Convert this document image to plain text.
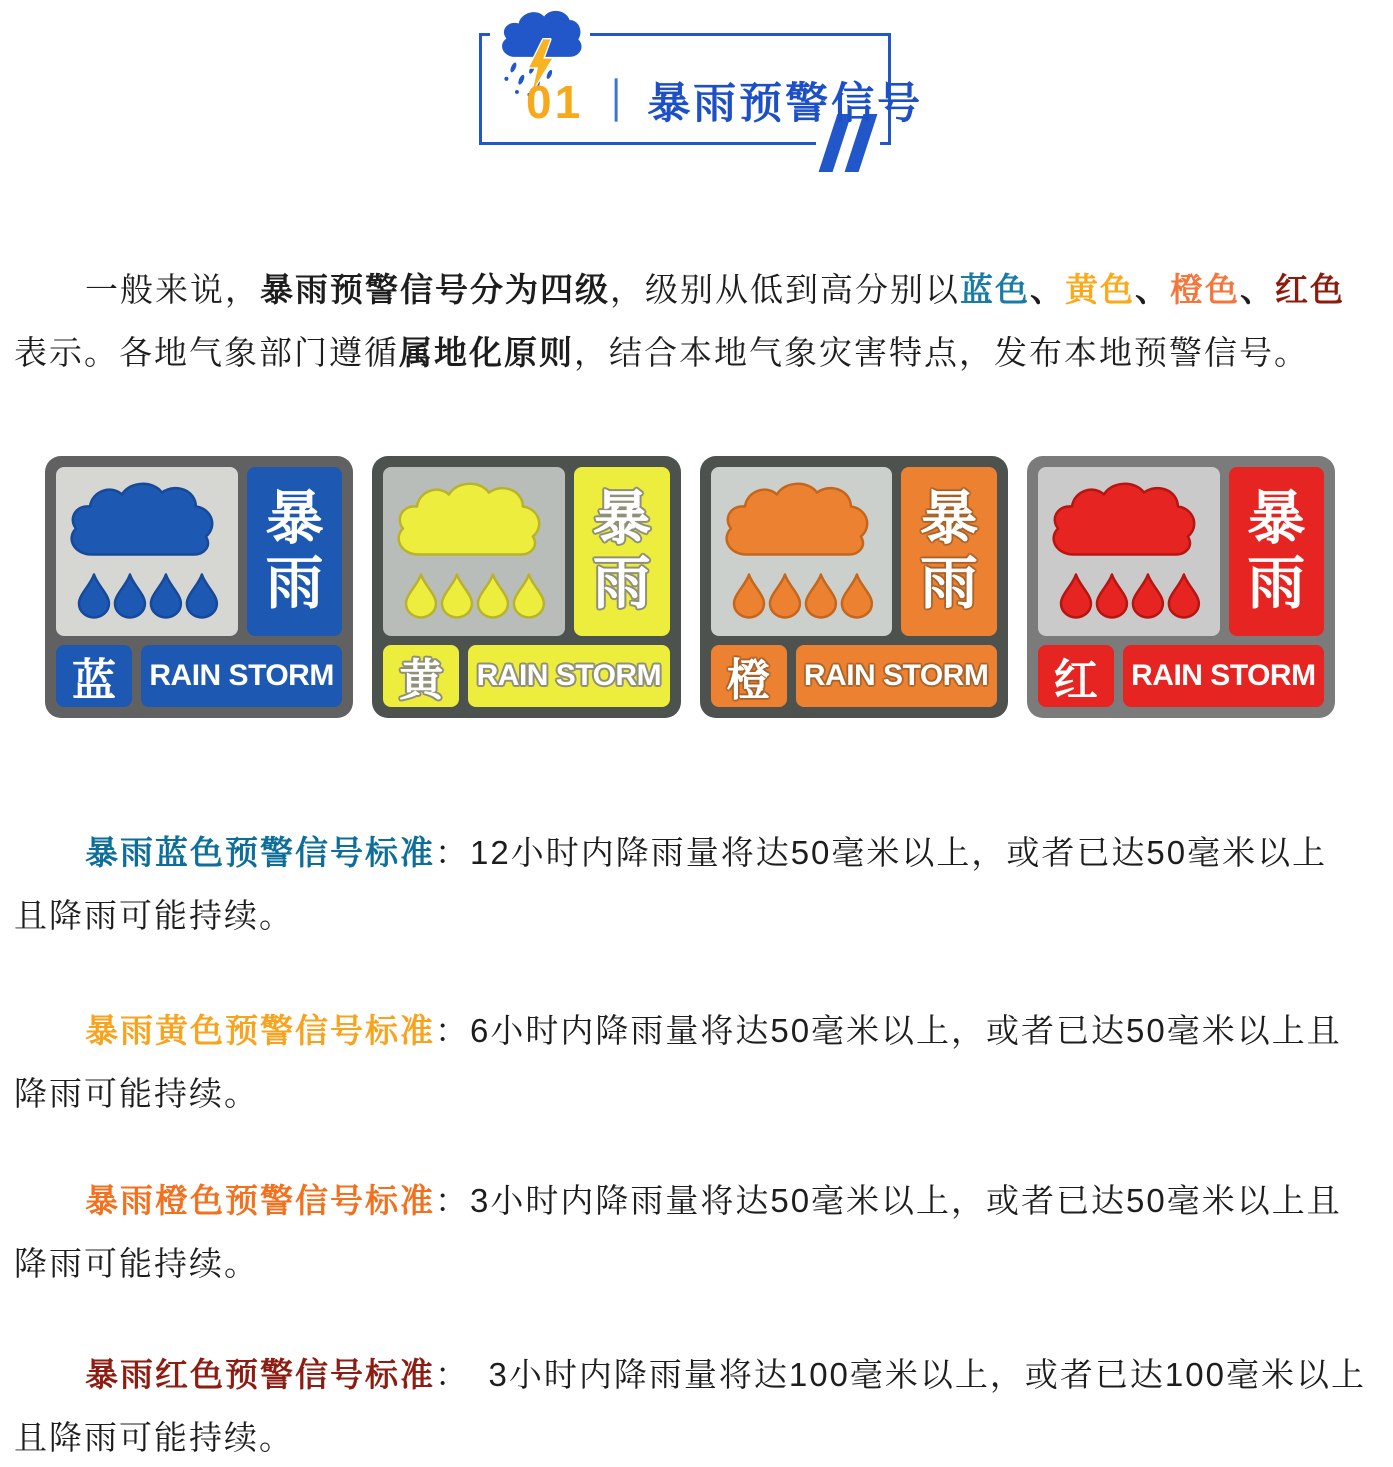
01 ｜ 暴雨预警信号

一般来说，暴雨预警信号分为四级，级别从低到高分别以蓝色、黄色、橙色、红色
表示。各地气象部门遵循属地化原则，结合本地气象灾害特点，发布本地预警信号。

暴雨
蓝	RAIN STORM
暴雨
黄	RAIN STORM
暴雨
橙	RAIN STORM
暴雨
红	RAIN STORM

暴雨蓝色预警信号标准：12小时内降雨量将达50毫米以上，或者已达50毫米以上
且降雨可能持续。

暴雨黄色预警信号标准：6小时内降雨量将达50毫米以上，或者已达50毫米以上且
降雨可能持续。

暴雨橙色预警信号标准：3小时内降雨量将达50毫米以上，或者已达50毫米以上且
降雨可能持续。

暴雨红色预警信号标准： 3小时内降雨量将达100毫米以上，或者已达100毫米以上
且降雨可能持续。
